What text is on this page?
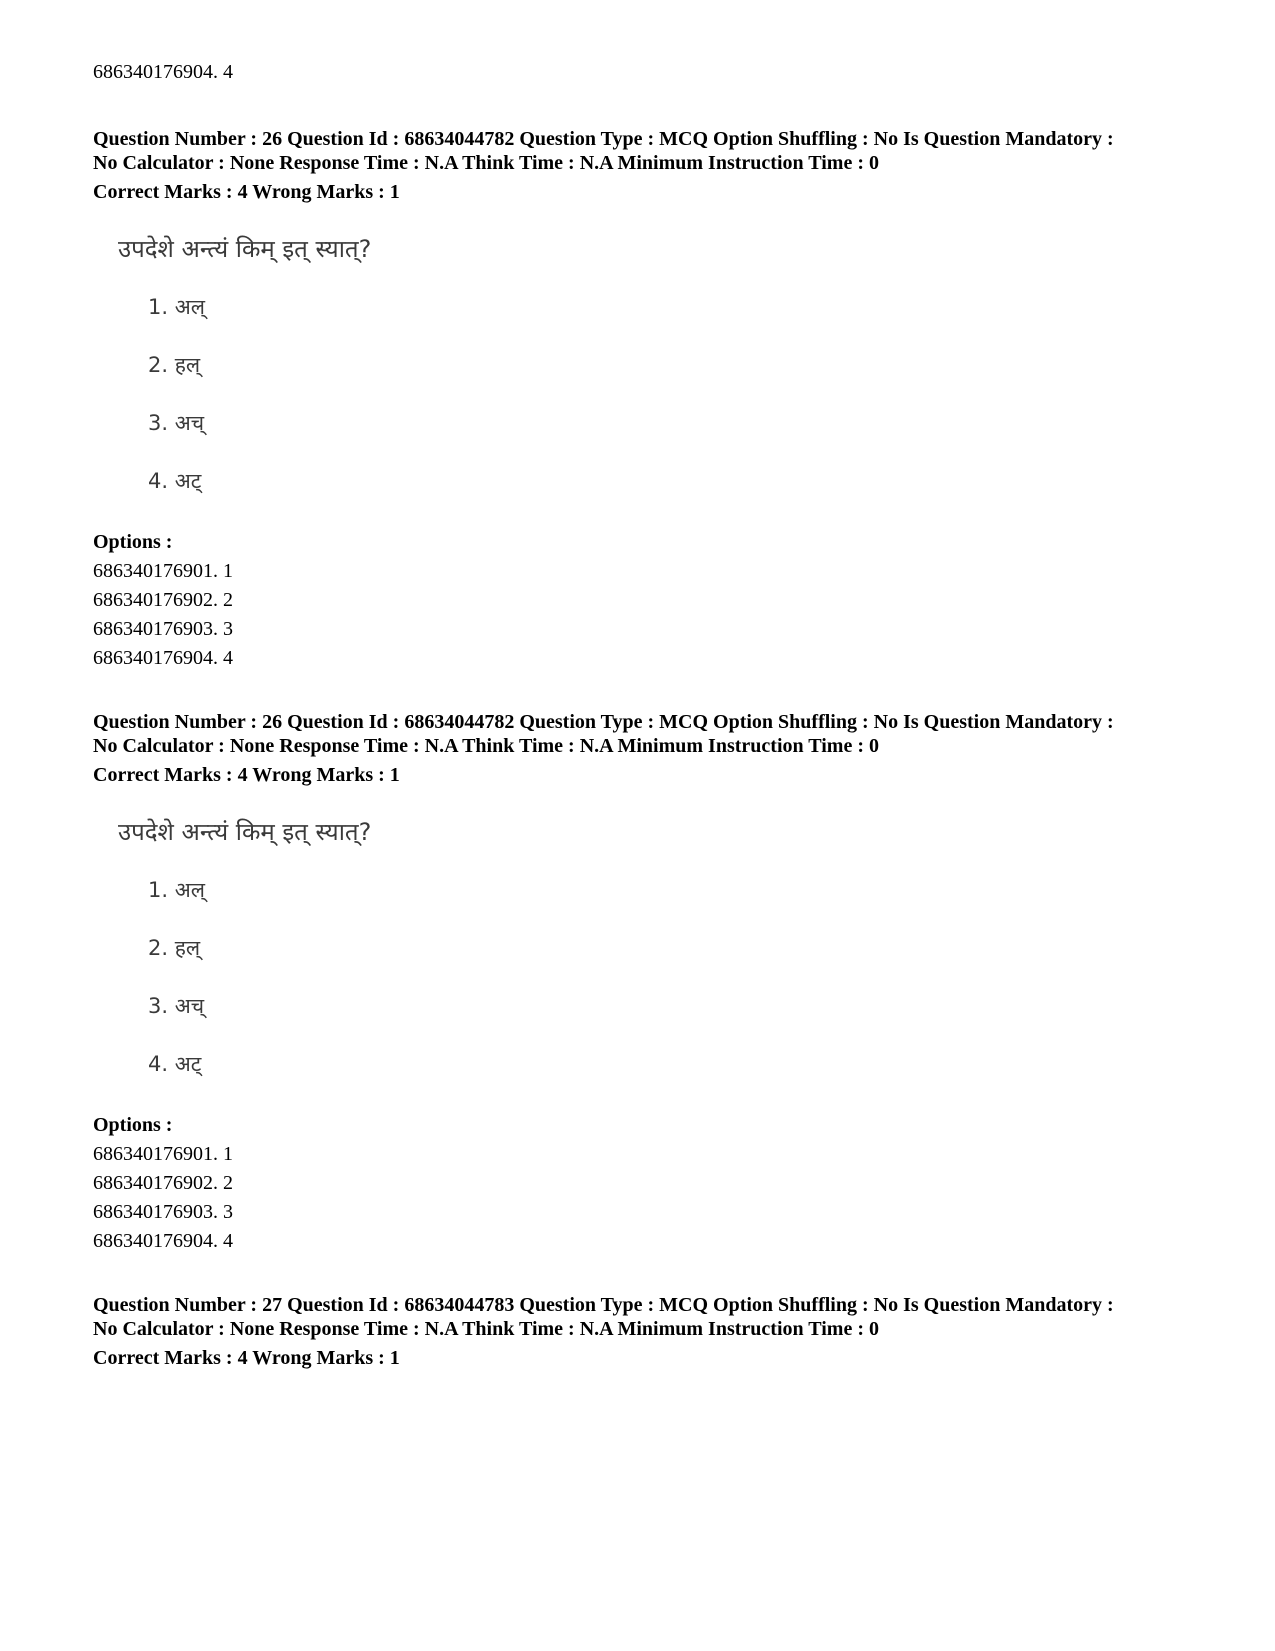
686340176904. 4
Question Number : 26 Question Id : 68634044782 Question Type : MCQ Option Shuffling : No Is Question Mandatory :
No Calculator : None Response Time : N.A Think Time : N.A Minimum Instruction Time : 0
Correct Marks : 4 Wrong Marks : 1
उपदेशे अन्त्यं किम् इत् स्यात्?
1. अल्
2. हल्
3. अच्
4. अट्
Options :
686340176901. 1
686340176902. 2
686340176903. 3
686340176904. 4
Question Number : 26 Question Id : 68634044782 Question Type : MCQ Option Shuffling : No Is Question Mandatory :
No Calculator : None Response Time : N.A Think Time : N.A Minimum Instruction Time : 0
Correct Marks : 4 Wrong Marks : 1
उपदेशे अन्त्यं किम् इत् स्यात्?
1. अल्
2. हल्
3. अच्
4. अट्
Options :
686340176901. 1
686340176902. 2
686340176903. 3
686340176904. 4
Question Number : 27 Question Id : 68634044783 Question Type : MCQ Option Shuffling : No Is Question Mandatory :
No Calculator : None Response Time : N.A Think Time : N.A Minimum Instruction Time : 0
Correct Marks : 4 Wrong Marks : 1
